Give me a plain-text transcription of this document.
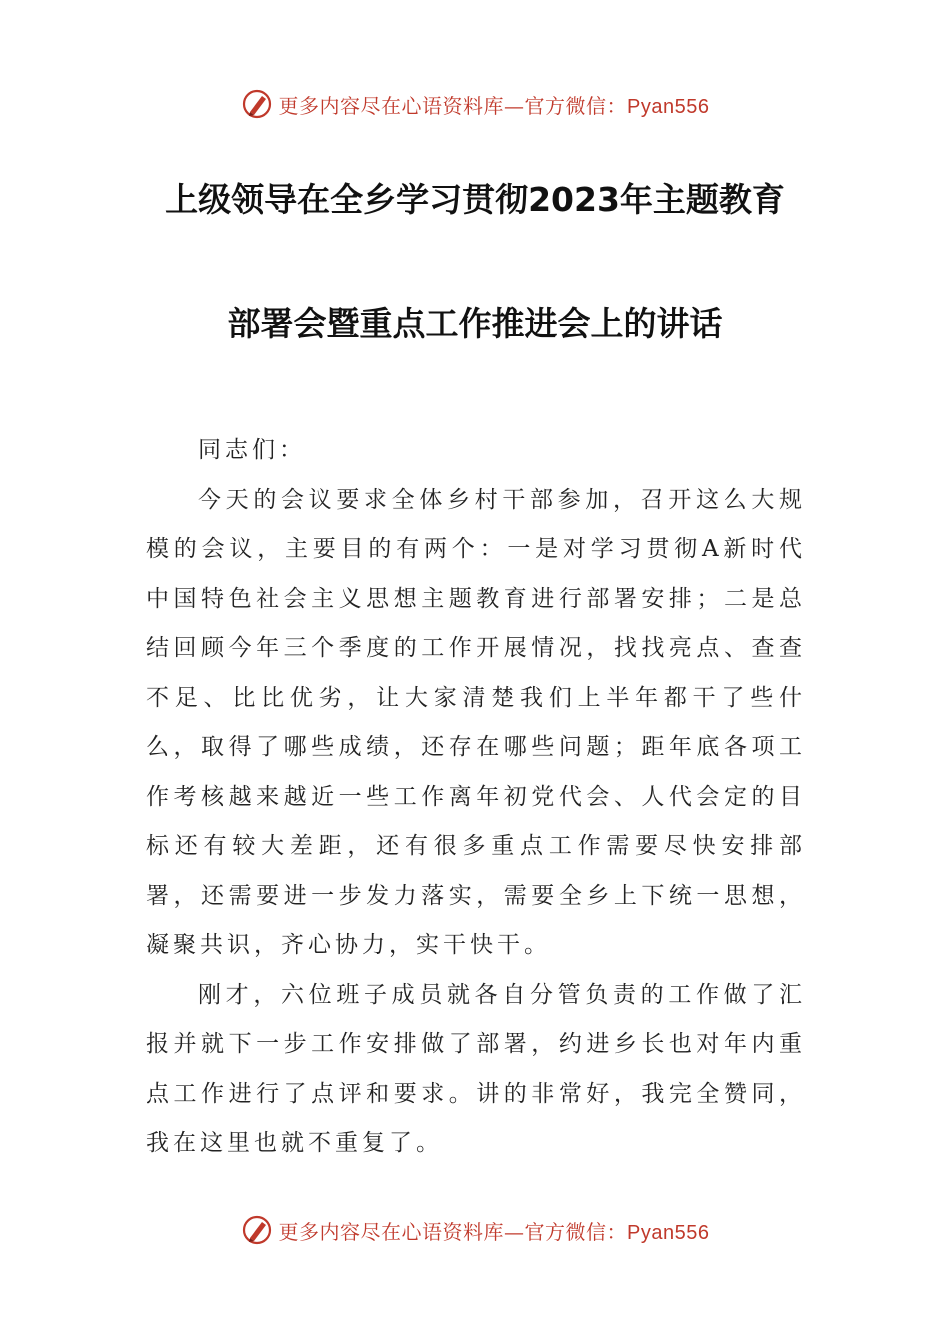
更多内容尽在心语资料库—官方微信：Pyan556
上级领导在全乡学习贯彻2023年主题教育
部署会暨重点工作推进会上的讲话

同志们：

今天的会议要求全体乡村干部参加，召开这么大规模的会议，主要目的有两个：一是对学习贯彻A新时代中国特色社会主义思想主题教育进行部署安排；二是总结回顾今年三个季度的工作开展情况，找找亮点、查查不足、比比优劣，让大家清楚我们上半年都干了些什么，取得了哪些成绩，还存在哪些问题；距年底各项工作考核越来越近一些工作离年初党代会、人代会定的目标还有较大差距，还有很多重点工作需要尽快安排部署，还需要进一步发力落实，需要全乡上下统一思想，凝聚共识，齐心协力，实干快干。

刚才，六位班子成员就各自分管负责的工作做了汇报并就下一步工作安排做了部署，约进乡长也对年内重点工作进行了点评和要求。讲的非常好，我完全赞同，我在这里也就不重复了。

更多内容尽在心语资料库—官方微信：Pyan556
